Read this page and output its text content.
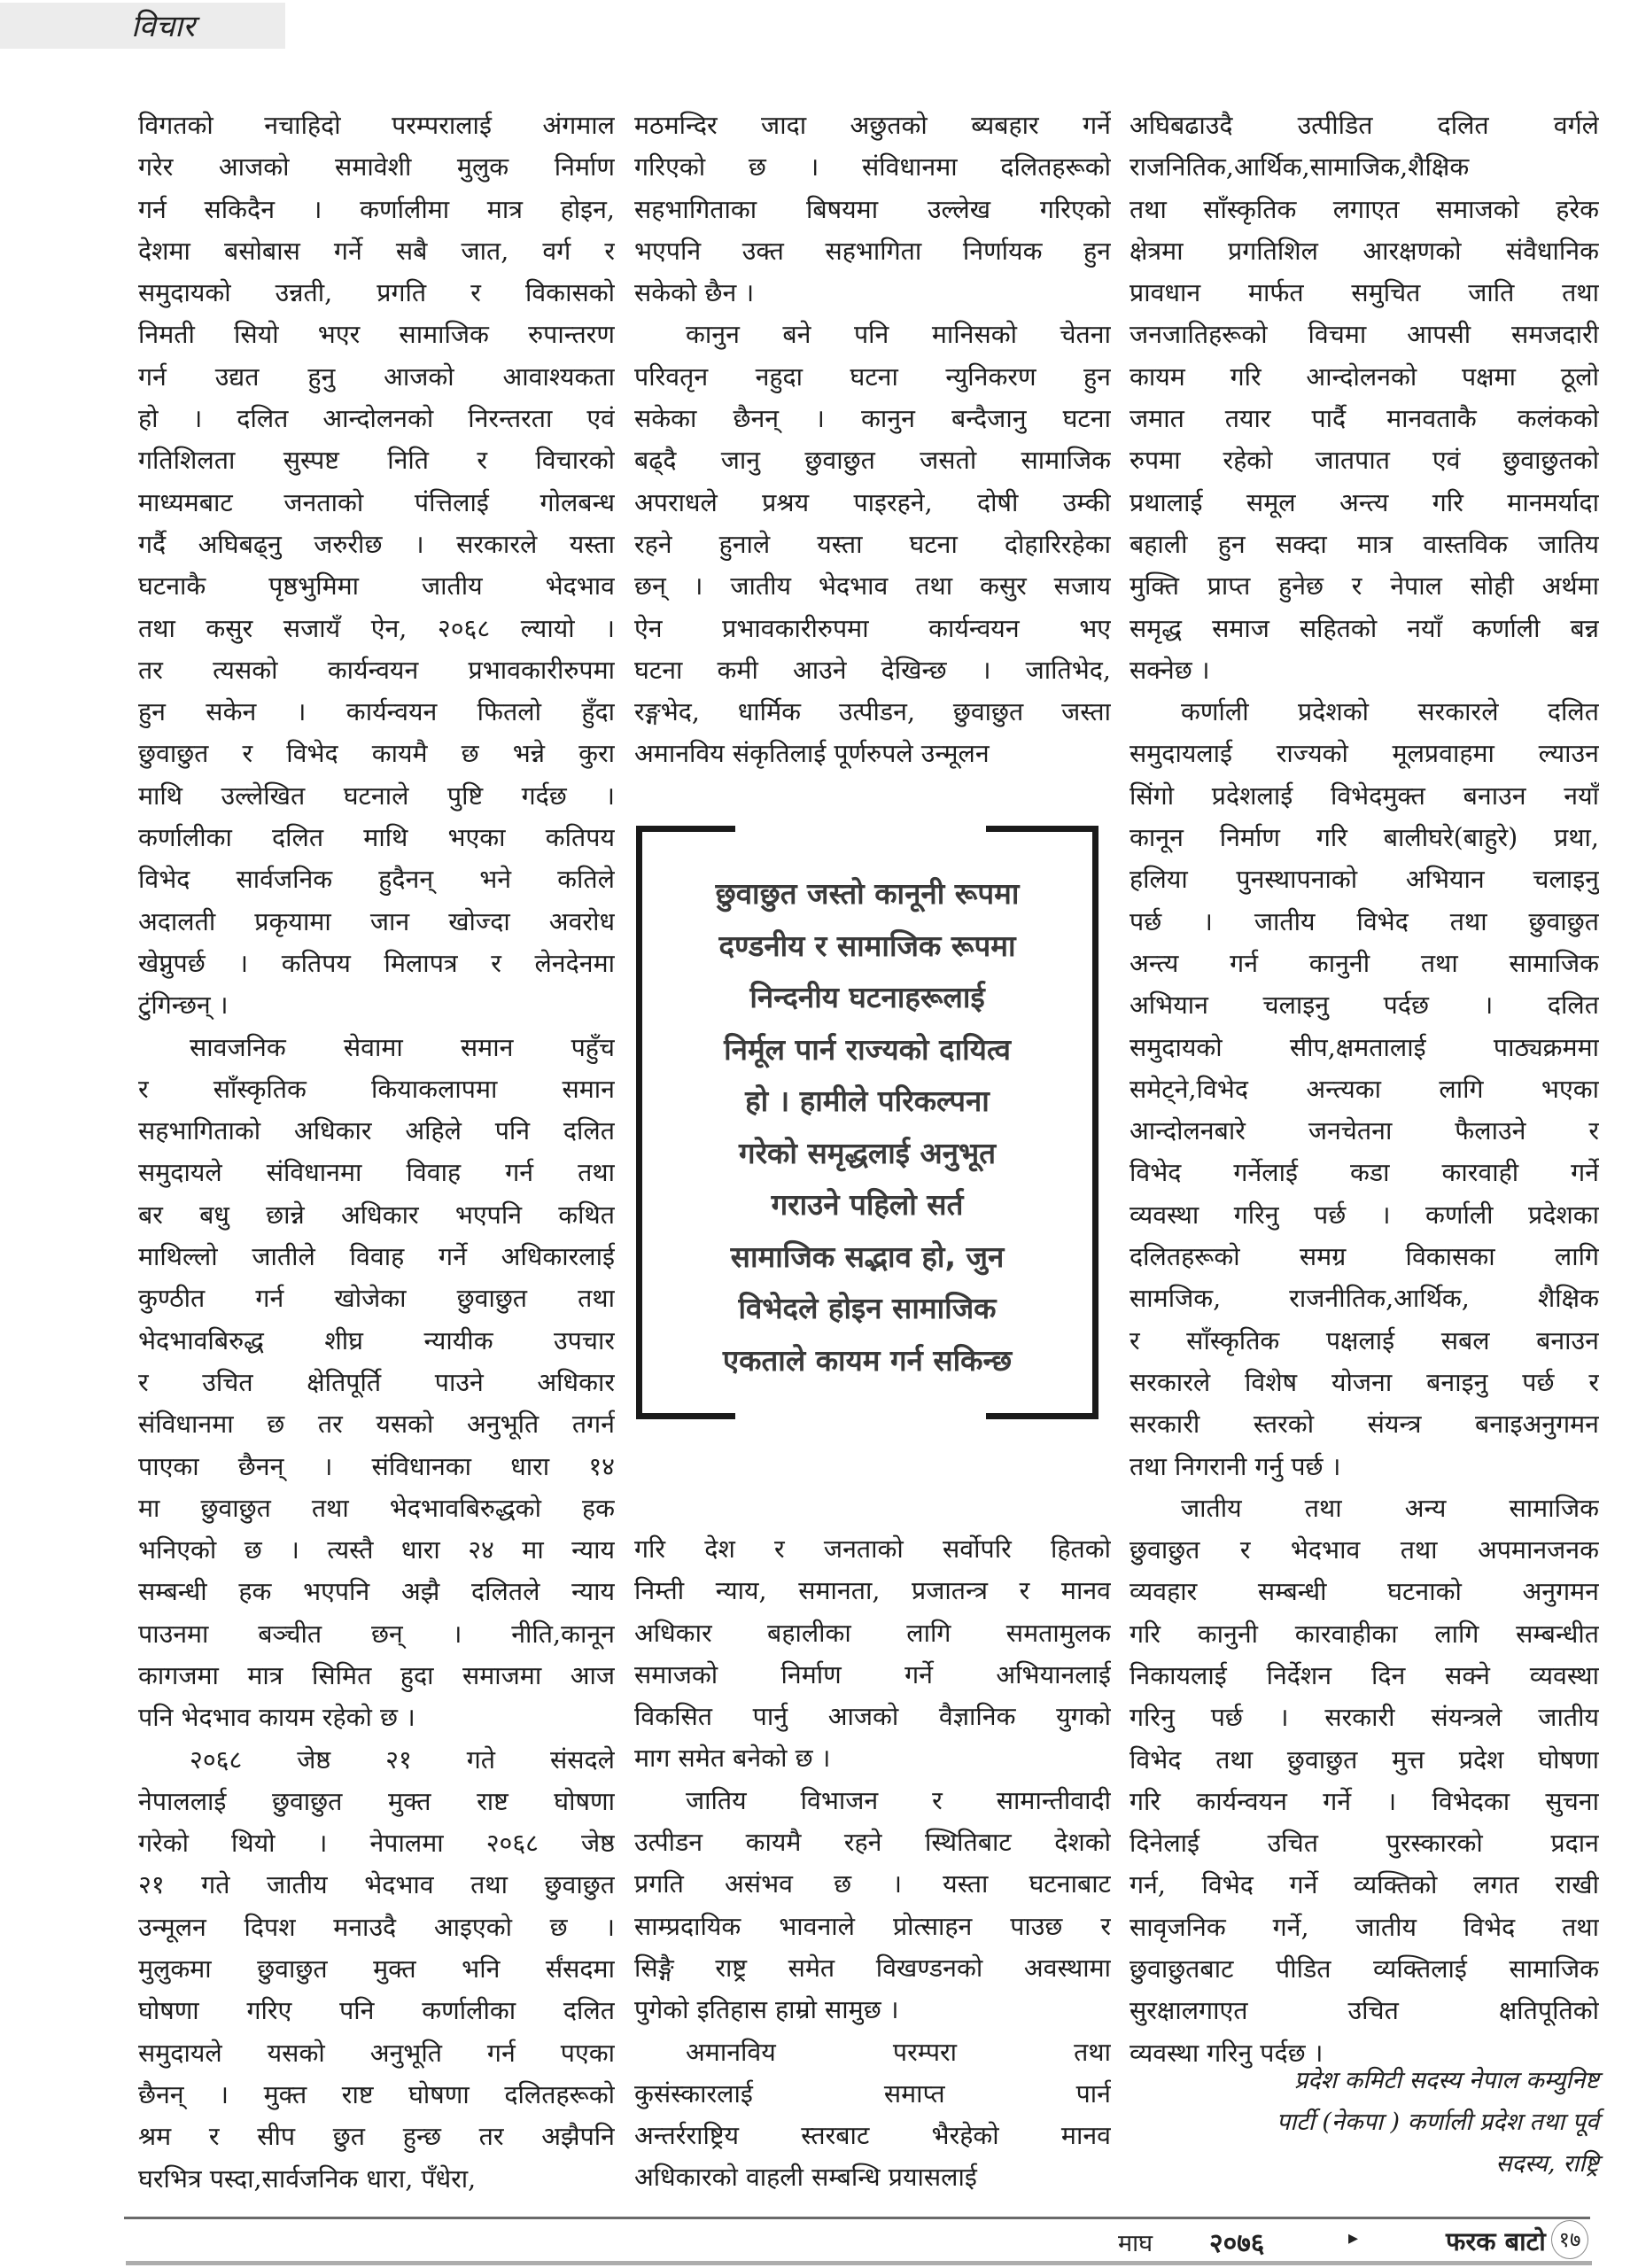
विचार
विगतको नचाहिदो परम्परालाई अंगमाल
गरेर आजको समावेशी मुलुक निर्माण
गर्न सकिदैन । कर्णालीमा मात्र होइन,
देशमा बसोबास गर्ने सबै जात, वर्ग र
समुदायको उन्नती, प्रगति र विकासको
निमती सियो भएर सामाजिक रुपान्तरण
गर्न उद्यत हुनु आजको आवाश्यकता
हो । दलित आन्दोलनको निरन्तरता एवं
गतिशिलता सुस्पष्ट निति र विचारको
माध्यमबाट जनताको पंत्तिलाई गोलबन्ध
गर्दै अघिबढ्नु जरुरीछ । सरकारले यस्ता
घटनाकै पृष्ठभुमिमा जातीय भेदभाव
तथा कसुर सजायँ ऐन, २०६८ ल्यायो ।
तर त्यसको कार्यन्वयन प्रभावकारीरुपमा
हुन सकेन । कार्यन्वयन फितलो हुँदा
छुवाछुत र विभेद कायमै छ भन्ने कुरा
माथि उल्लेखित घटनाले पुष्टि गर्दछ ।
कर्णालीका दलित माथि भएका कतिपय
विभेद सार्वजनिक हुदैनन् भने कतिले
अदालती प्रकृयामा जान खोज्दा अवरोध
खेप्नुपर्छ । कतिपय मिलापत्र र लेनदेनमा
टुंगिन्छन् ।
सावजनिक सेवामा समान पहुँच
र साँस्कृतिक कियाकलापमा समान
सहभागिताको अधिकार अहिले पनि दलित
समुदायले संविधानमा विवाह गर्न तथा
बर बधु छान्ने अधिकार भएपनि कथित
माथिल्लो जातीले विवाह गर्ने अधिकारलाई
कुण्ठीत गर्न खोजेका छुवाछुत तथा
भेदभावबिरुद्ध शीघ्र न्यायीक उपचार
र उचित क्षेतिपूर्ति पाउने अधिकार
संविधानमा छ तर यसको अनुभूति तगर्न
पाएका छैनन् । संविधानका धारा १४
मा छुवाछुत तथा भेदभावबिरुद्धको हक
भनिएको छ । त्यस्तै धारा २४ मा न्याय
सम्बन्धी हक भएपनि अझै दलितले न्याय
पाउनमा बञ्चीत छन् । नीति,कानून
कागजमा मात्र सिमित हुदा समाजमा आज
पनि भेदभाव कायम रहेको छ ।
२०६८ जेष्ठ २१ गते संसदले
नेपाललाई छुवाछुत मुक्त राष्ट घोषणा
गरेको थियो । नेपालमा २०६८ जेष्ठ
२१ गते जातीय भेदभाव तथा छुवाछुत
उन्मूलन दिपश मनाउदै आइएको छ ।
मुलुकमा छुवाछुत मुक्त भनि र्संसदमा
घोषणा गरिए पनि कर्णालीका दलित
समुदायले यसको अनुभूति गर्न पएका
छैनन् । मुक्त राष्ट घोषणा दलितहरूको
श्रम र सीप छुत हुन्छ तर अझैपनि
घरभित्र पस्दा,सार्वजनिक धारा, पँधेरा,
मठमन्दिर जादा अछुतको ब्यबहार गर्ने
गरिएको छ । संविधानमा दलितहरूको
सहभागिताका बिषयमा उल्लेख गरिएको
भएपनि उक्त सहभागिता निर्णायक हुन
सकेको छैन ।
कानुन बने पनि मानिसको चेतना
परिवतृन नहुदा घटना न्युनिकरण हुन
सकेका छैनन् । कानुन बन्दैजानु घटना
बढ्दै जानु छुवाछुत जसतो सामाजिक
अपराधले प्रश्रय पाइरहने, दोषी उम्की
रहने हुनाले यस्ता घटना दोहारिरहेका
छन् । जातीय भेदभाव तथा कसुर सजाय
ऐन प्रभावकारीरुपमा कार्यन्वयन भए
घटना कमी आउने देखिन्छ । जातिभेद,
रङ्गभेद, धार्मिक उत्पीडन, छुवाछुत जस्ता
अमानविय संकृतिलाई पूर्णरुपले उन्मूलन
छुवाछुत जस्तो कानूनी रूपमा
दण्डनीय र सामाजिक रूपमा
निन्दनीय घटनाहरूलाई
निर्मूल पार्न राज्यको दायित्व
हो । हामीले परिकल्पना
गरेको समृद्धलाई अनुभूत
गराउने पहिलो सर्त
सामाजिक सद्भाव हो, जुन
विभेदले होइन सामाजिक
एकताले कायम गर्न सकिन्छ
गरि देश र जनताको सर्वोपरि हितको
निम्ती न्याय, समानता, प्रजातन्त्र र मानव
अधिकार बहालीका लागि समतामुलक
समाजको निर्माण गर्ने अभियानलाई
विकसित पार्नु आजको वैज्ञानिक युगको
माग समेत बनेको छ ।
जातिय विभाजन र सामान्तीवादी
उत्पीडन कायमै रहने स्थितिबाट देशको
प्रगति असंभव छ । यस्ता घटनाबाट
साम्प्रदायिक भावनाले प्रोत्साहन पाउछ र
सिङ्गै राष्ट्र समेत विखण्डनको अवस्थामा
पुगेको इतिहास हाम्रो सामुछ ।
अमानविय परम्परा तथा
कुसंस्कारलाई समाप्त पार्न
अन्तर्रराष्ट्रिय स्तरबाट भैरहेको मानव
अधिकारको वाहली सम्बन्धि प्रयासलाई
अघिबढाउदै उत्पीडित दलित वर्गले
राजनितिक,आर्थिक,सामाजिक,शैक्षिक
तथा साँस्कृतिक लगाएत समाजको हरेक
क्षेत्रमा प्रगतिशिल आरक्षणको संवैधानिक
प्रावधान मार्फत समुचित जाति तथा
जनजातिहरूको विचमा आपसी समजदारी
कायम गरि आन्दोलनको पक्षमा ठूलो
जमात तयार पार्दै मानवताकै कलंकको
रुपमा रहेको जातपात एवं छुवाछुतको
प्रथालाई समूल अन्त्य गरि मानमर्यादा
बहाली हुन सक्दा मात्र वास्तविक जातिय
मुक्ति प्राप्त हुनेछ र नेपाल सोही अर्थमा
समृद्ध समाज सहितको नयाँ कर्णाली बन्न
सक्नेछ ।
कर्णाली प्रदेशको सरकारले दलित
समुदायलाई राज्यको मूलप्रवाहमा ल्याउन
सिंगो प्रदेशलाई विभेदमुक्त बनाउन नयाँ
कानून निर्माण गरि बालीघरे(बाहुरे) प्रथा,
हलिया पुनस्थापनाको अभियान चलाइनु
पर्छ । जातीय विभेद तथा छुवाछुत
अन्त्य गर्न कानुनी तथा सामाजिक
अभियान चलाइनु पर्दछ । दलित
समुदायको सीप,क्षमतालाई पाठ्यक्रममा
समेट्ने,विभेद अन्त्यका लागि भएका
आन्दोलनबारे जनचेतना फैलाउने र
विभेद गर्नेलाई कडा कारवाही गर्ने
व्यवस्था गरिनु पर्छ । कर्णाली प्रदेशका
दलितहरूको समग्र विकासका लागि
सामजिक, राजनीतिक,आर्थिक, शैक्षिक
र साँस्कृतिक पक्षलाई सबल बनाउन
सरकारले विशेष योजना बनाइनु पर्छ र
सरकारी स्तरको संयन्त्र बनाइअनुगमन
तथा निगरानी गर्नु पर्छ ।
जातीय तथा अन्य सामाजिक
छुवाछुत र भेदभाव तथा अपमानजनक
व्यवहार सम्बन्धी घटनाको अनुगमन
गरि कानुनी कारवाहीका लागि सम्बन्धीत
निकायलाई निर्देशन दिन सक्ने व्यवस्था
गरिनु पर्छ । सरकारी संयन्त्रले जातीय
विभेद तथा छुवाछुत मुत्त प्रदेश घोषणा
गरि कार्यन्वयन गर्ने । विभेदका सुचना
दिनेलाई उचित पुरस्कारको प्रदान
गर्न, विभेद गर्ने व्यक्तिको लगत राखी
सावृजनिक गर्ने, जातीय विभेद तथा
छुवाछुतबाट पीडित व्यक्तिलाई सामाजिक
सुरक्षालगाएत उचित क्षतिपूतिको
व्यवस्था गरिनु पर्दछ ।
प्रदेश कमिटी सदस्य नेपाल कम्युनिष्ट
पार्टी (नेकपा ) कर्णाली प्रदेश तथा पूर्व
सदस्य, राष्ट्रि
माघ २०७६	▸	फरक बाटो १७
